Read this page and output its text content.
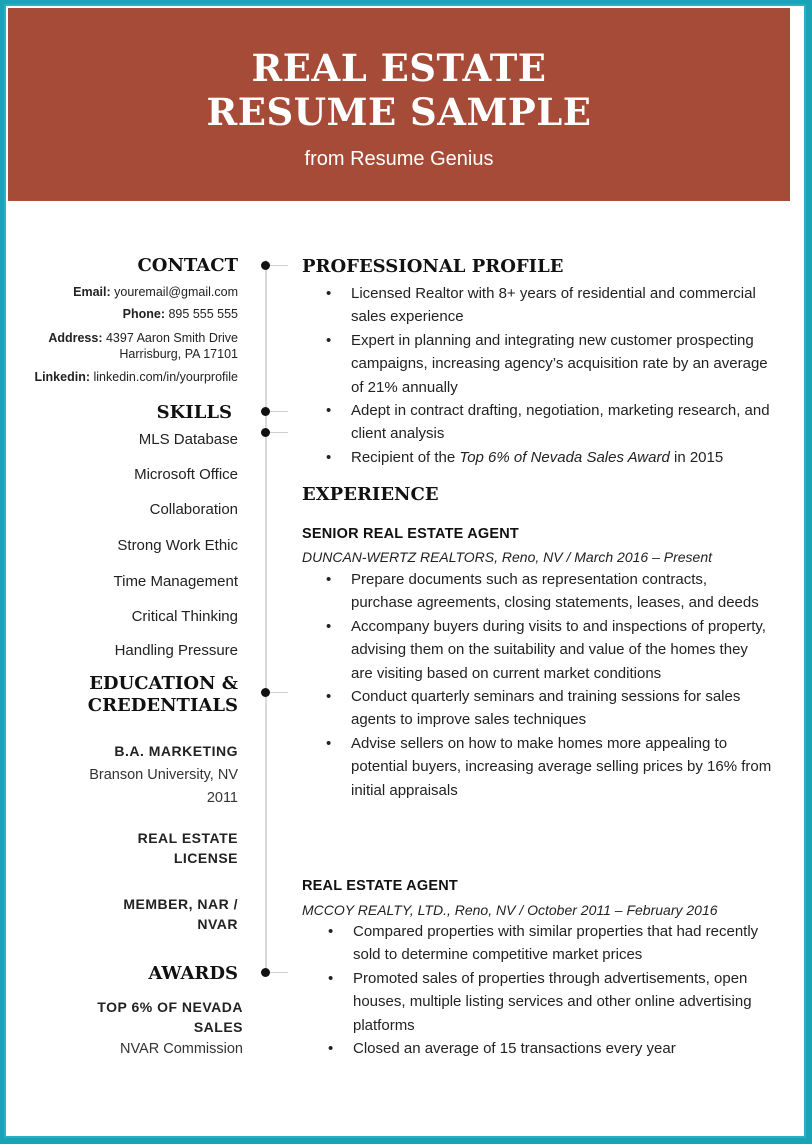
REAL ESTATE
RESUME SAMPLE
from Resume Genius
CONTACT
Email: youremail@gmail.com
Phone: 895 555 555
Address: 4397 Aaron Smith Drive
Harrisburg, PA 17101
Linkedin: linkedin.com/in/yourprofile
SKILLS
MLS Database
Microsoft Office
Collaboration
Strong Work Ethic
Time Management
Critical Thinking
Handling Pressure
EDUCATION &
CREDENTIALS
B.A. MARKETING
Branson University, NV
2011
REAL ESTATE
LICENSE
MEMBER, NAR /
NVAR
AWARDS
TOP 6% OF NEVADA
SALES
NVAR Commission
PROFESSIONAL PROFILE
• Licensed Realtor with 8+ years of residential and commercial sales experience
• Expert in planning and integrating new customer prospecting campaigns, increasing agency’s acquisition rate by an average of 21% annually
• Adept in contract drafting, negotiation, marketing research, and client analysis
• Recipient of the Top 6% of Nevada Sales Award in 2015
EXPERIENCE
SENIOR REAL ESTATE AGENT
DUNCAN-WERTZ REALTORS, Reno, NV / March 2016 – Present
• Prepare documents such as representation contracts, purchase agreements, closing statements, leases, and deeds
• Accompany buyers during visits to and inspections of property, advising them on the suitability and value of the homes they are visiting based on current market conditions
• Conduct quarterly seminars and training sessions for sales agents to improve sales techniques
• Advise sellers on how to make homes more appealing to potential buyers, increasing average selling prices by 16% from initial appraisals
REAL ESTATE AGENT
MCCOY REALTY, LTD., Reno, NV / October 2011 – February 2016
• Compared properties with similar properties that had recently sold to determine competitive market prices
• Promoted sales of properties through advertisements, open houses, multiple listing services and other online advertising platforms
• Closed an average of 15 transactions every year
